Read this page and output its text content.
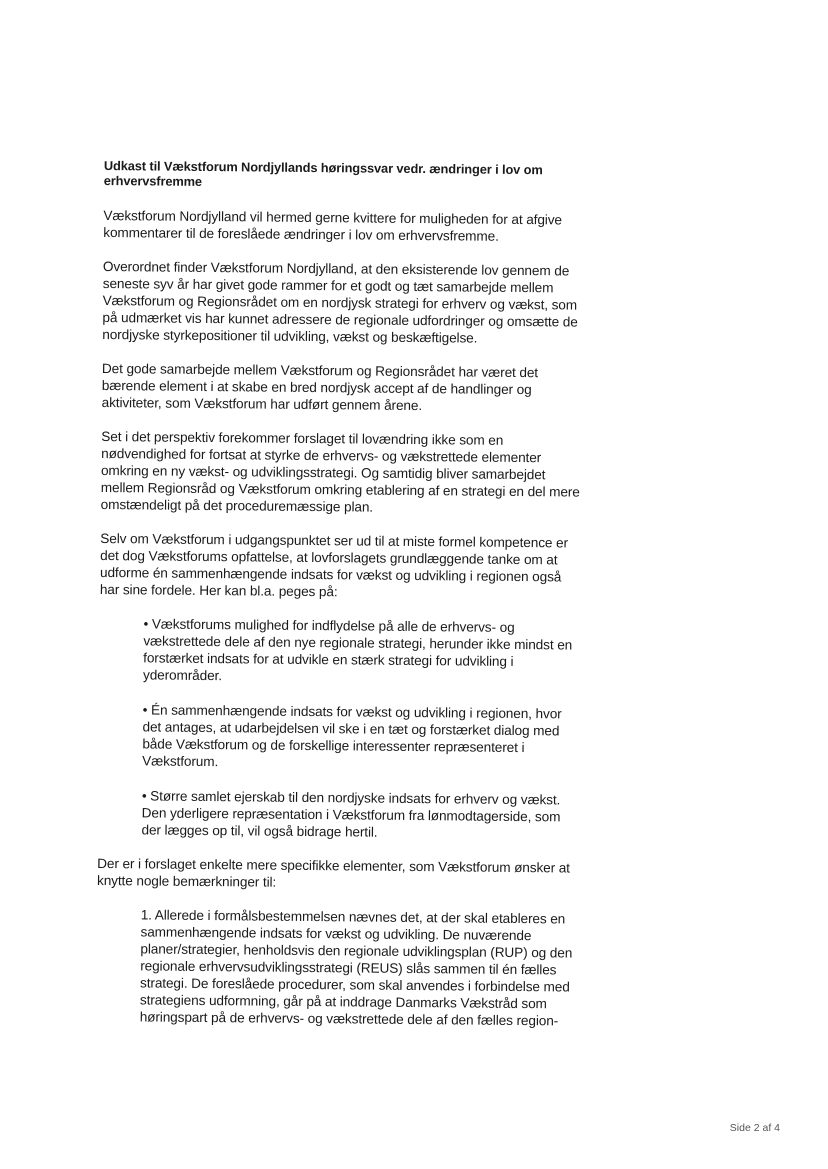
Udkast til Vækstforum Nordjyllands høringssvar vedr. ændringer i lov om erhvervsfremme

Vækstforum Nordjylland vil hermed gerne kvittere for muligheden for at afgive kommentarer til de foreslåede ændringer i lov om erhvervsfremme.

Overordnet finder Vækstforum Nordjylland, at den eksisterende lov gennem de seneste syv år har givet gode rammer for et godt og tæt samarbejde mellem Vækstforum og Regionsrådet om en nordjysk strategi for erhverv og vækst, som på udmærket vis har kunnet adressere de regionale udfordringer og omsætte de nordjyske styrkepositioner til udvikling, vækst og beskæftigelse.

Det gode samarbejde mellem Vækstforum og Regionsrådet har været det bærende element i at skabe en bred nordjysk accept af de handlinger og aktiviteter, som Vækstforum har udført gennem årene.

Set i det perspektiv forekommer forslaget til lovændring ikke som en nødvendighed for fortsat at styrke de erhvervs- og vækstrettede elementer omkring en ny vækst- og udviklingsstrategi. Og samtidig bliver samarbejdet mellem Regionsråd og Vækstforum omkring etablering af en strategi en del mere omstændeligt på det proceduremæssige plan.

Selv om Vækstforum i udgangspunktet ser ud til at miste formel kompetence er det dog Vækstforums opfattelse, at lovforslagets grundlæggende tanke om at udforme én sammenhængende indsats for vækst og udvikling i regionen også har sine fordele. Her kan bl.a. peges på:

• Vækstforums mulighed for indflydelse på alle de erhvervs- og vækstrettede dele af den nye regionale strategi, herunder ikke mindst en forstærket indsats for at udvikle en stærk strategi for udvikling i yderområder.
• Én sammenhængende indsats for vækst og udvikling i regionen, hvor det antages, at udarbejdelsen vil ske i en tæt og forstærket dialog med både Vækstforum og de forskellige interessenter repræsenteret i Vækstforum.
• Større samlet ejerskab til den nordjyske indsats for erhverv og vækst. Den yderligere repræsentation i Vækstforum fra lønmodtagerside, som der lægges op til, vil også bidrage hertil.

Der er i forslaget enkelte mere specifikke elementer, som Vækstforum ønsker at knytte nogle bemærkninger til:

1. Allerede i formålsbestemmelsen nævnes det, at der skal etableres en sammenhængende indsats for vækst og udvikling. De nuværende planer/strategier, henholdsvis den regionale udviklingsplan (RUP) og den regionale erhvervsudviklingsstrategi (REUS) slås sammen til én fælles strategi. De foreslåede procedurer, som skal anvendes i forbindelse med strategiens udformning, går på at inddrage Danmarks Vækstråd som høringspart på de erhvervs- og vækstrettede dele af den fælles region-
Side 2 af 4
